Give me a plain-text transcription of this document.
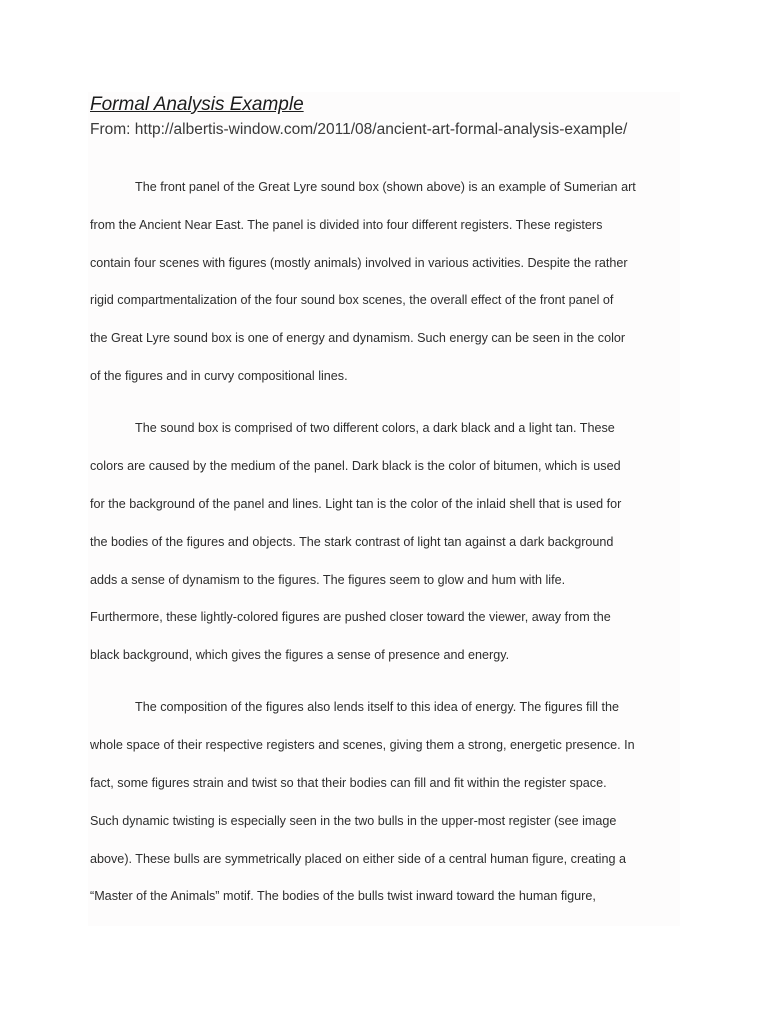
Formal Analysis Example

From: http://albertis-window.com/2011/08/ancient-art-formal-analysis-example/

The front panel of the Great Lyre sound box (shown above) is an example of Sumerian art

from the Ancient Near East. The panel is divided into four different registers. These registers

contain four scenes with figures (mostly animals) involved in various activities. Despite the rather

rigid compartmentalization of the four sound box scenes, the overall effect of the front panel of

the Great Lyre sound box is one of energy and dynamism. Such energy can be seen in the color

of the figures and in curvy compositional lines.

The sound box is comprised of two different colors, a dark black and a light tan. These

colors are caused by the medium of the panel. Dark black is the color of bitumen, which is used

for the background of the panel and lines. Light tan is the color of the inlaid shell that is used for

the bodies of the figures and objects. The stark contrast of light tan against a dark background

adds a sense of dynamism to the figures. The figures seem to glow and hum with life.

Furthermore, these lightly-colored figures are pushed closer toward the viewer, away from the

black background, which gives the figures a sense of presence and energy.

The composition of the figures also lends itself to this idea of energy. The figures fill the

whole space of their respective registers and scenes, giving them a strong, energetic presence. In

fact, some figures strain and twist so that their bodies can fill and fit within the register space.

Such dynamic twisting is especially seen in the two bulls in the upper-most register (see image

above). These bulls are symmetrically placed on either side of a central human figure, creating a

“Master of the Animals” motif. The bodies of the bulls twist inward toward the human figure,
